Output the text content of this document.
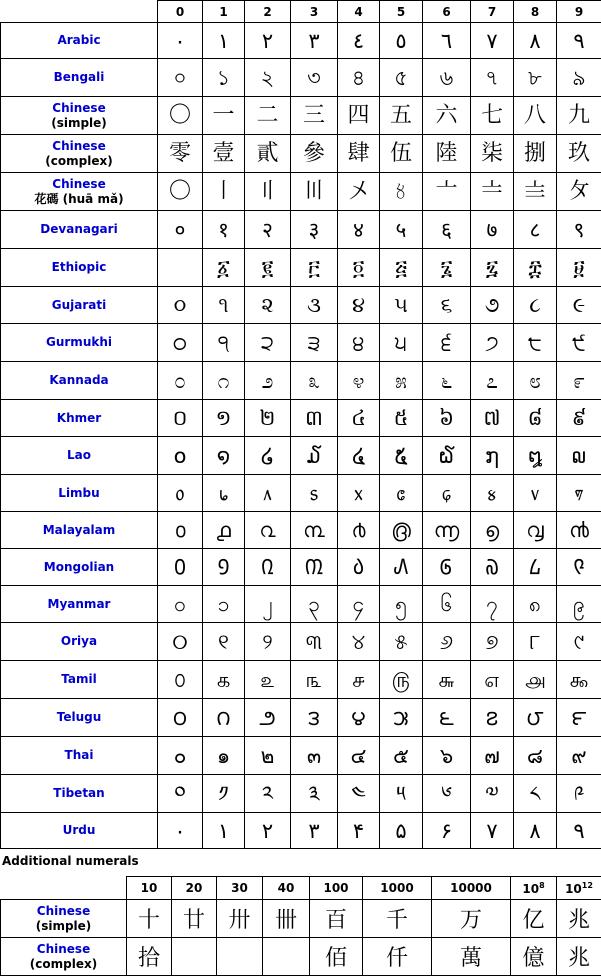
	0	1	2	3	4	5	6	7	8	9
Arabic	٠	١	٢	٣	٤	٥	٦	٧	٨	٩
Bengali	০	১	২	৩	৪	৫	৬	৭	৮	৯
Chinese
(simple)	〇	一	二	三	四	五	六	七	八	九
Chinese
(complex)	零	壹	貳	參	肆	伍	陸	柒	捌	玖
Chinese
花碼 (huā mǎ)	〇	〡	〢	〣	〤	〥	〦	〧	〨	〩
Devanagari	०	१	२	३	४	५	६	७	८	९
Ethiopic		፩	፪	፫	፬	፭	፮	፯	፰	፱
Gujarati	૦	૧	૨	૩	૪	૫	૬	૭	૮	૯
Gurmukhi	੦	੧	੨	੩	੪	੫	੬	੭	੮	੯
Kannada	೦	೧	೨	೩	೪	೫	೬	೭	೮	೯
Khmer	០	១	២	៣	៤	៥	៦	៧	៨	៩
Lao	໐	໑	໒	໓	໔	໕	໖	໗	໘	໙
Limbu	᥆	᥇	᥈	᥉	᥊	᥋	᥌	᥍	᥎	᥏
Malayalam	൦	൧	൨	൩	൪	൫	൬	൭	൮	൯
Mongolian	᠐	᠑	᠒	᠓	᠔	᠕	᠖	᠗	᠘	᠙
Myanmar	၀	၁	၂	၃	၄	၅	၆	၇	၈	၉
Oriya	୦	୧	୨	୩	୪	୫	୬	୭	୮	୯
Tamil	௦	௧	௨	௩	௪	௫	௬	௭	௮	௯
Telugu	౦	౧	౨	౩	౪	౫	౬	౭	౮	౯
Thai	๐	๑	๒	๓	๔	๕	๖	๗	๘	๙
Tibetan	༠	༡	༢	༣	༤	༥	༦	༧	༨	༩
Urdu	۰	۱	۲	۳	۴	۵	۶	۷	۸	۹
Additional numerals
	10	20	30	40	100	1000	10000	$10^8$	$10^{12}$
Chinese
(simple)	十	廿	卅	卌	百	千	万	亿	兆
Chinese
(complex)	拾				佰	仟	萬	億	兆
